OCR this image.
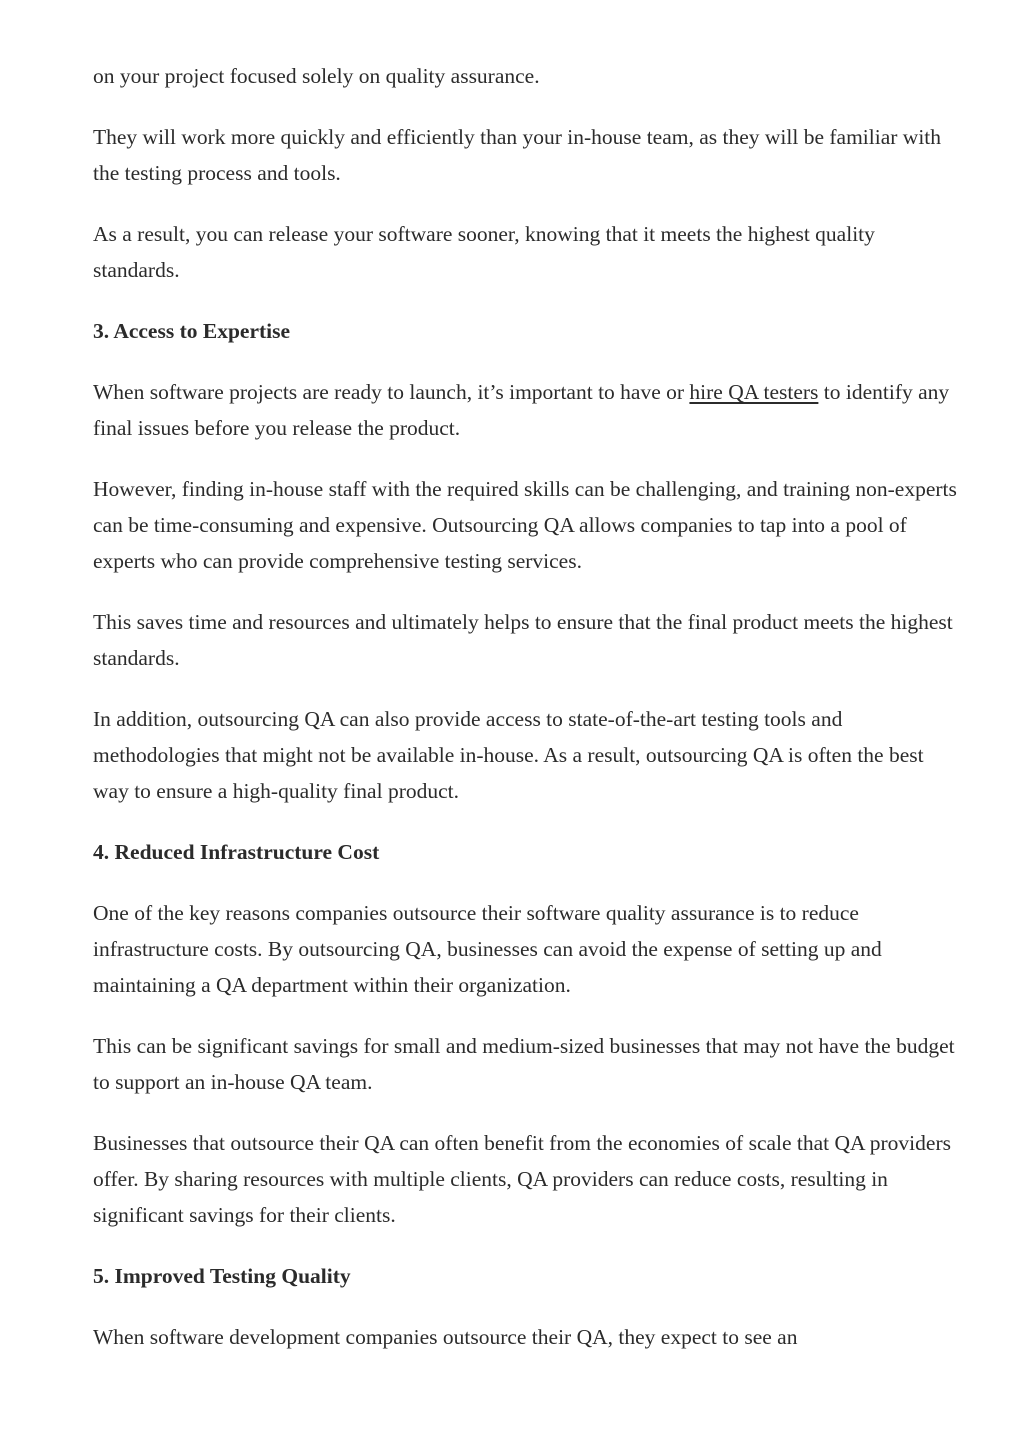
on your project focused solely on quality assurance.

They will work more quickly and efficiently than your in-house team, as they will be familiar with the testing process and tools.

As a result, you can release your software sooner, knowing that it meets the highest quality standards.

3. Access to Expertise

When software projects are ready to launch, it’s important to have or hire QA testers to identify any final issues before you release the product.

However, finding in-house staff with the required skills can be challenging, and training non-experts can be time-consuming and expensive. Outsourcing QA allows companies to tap into a pool of experts who can provide comprehensive testing services.

This saves time and resources and ultimately helps to ensure that the final product meets the highest standards.

In addition, outsourcing QA can also provide access to state-of-the-art testing tools and methodologies that might not be available in-house. As a result, outsourcing QA is often the best way to ensure a high-quality final product.

4. Reduced Infrastructure Cost

One of the key reasons companies outsource their software quality assurance is to reduce infrastructure costs. By outsourcing QA, businesses can avoid the expense of setting up and maintaining a QA department within their organization.

This can be significant savings for small and medium-sized businesses that may not have the budget to support an in-house QA team.

Businesses that outsource their QA can often benefit from the economies of scale that QA providers offer. By sharing resources with multiple clients, QA providers can reduce costs, resulting in significant savings for their clients.

5. Improved Testing Quality

When software development companies outsource their QA, they expect to see an
